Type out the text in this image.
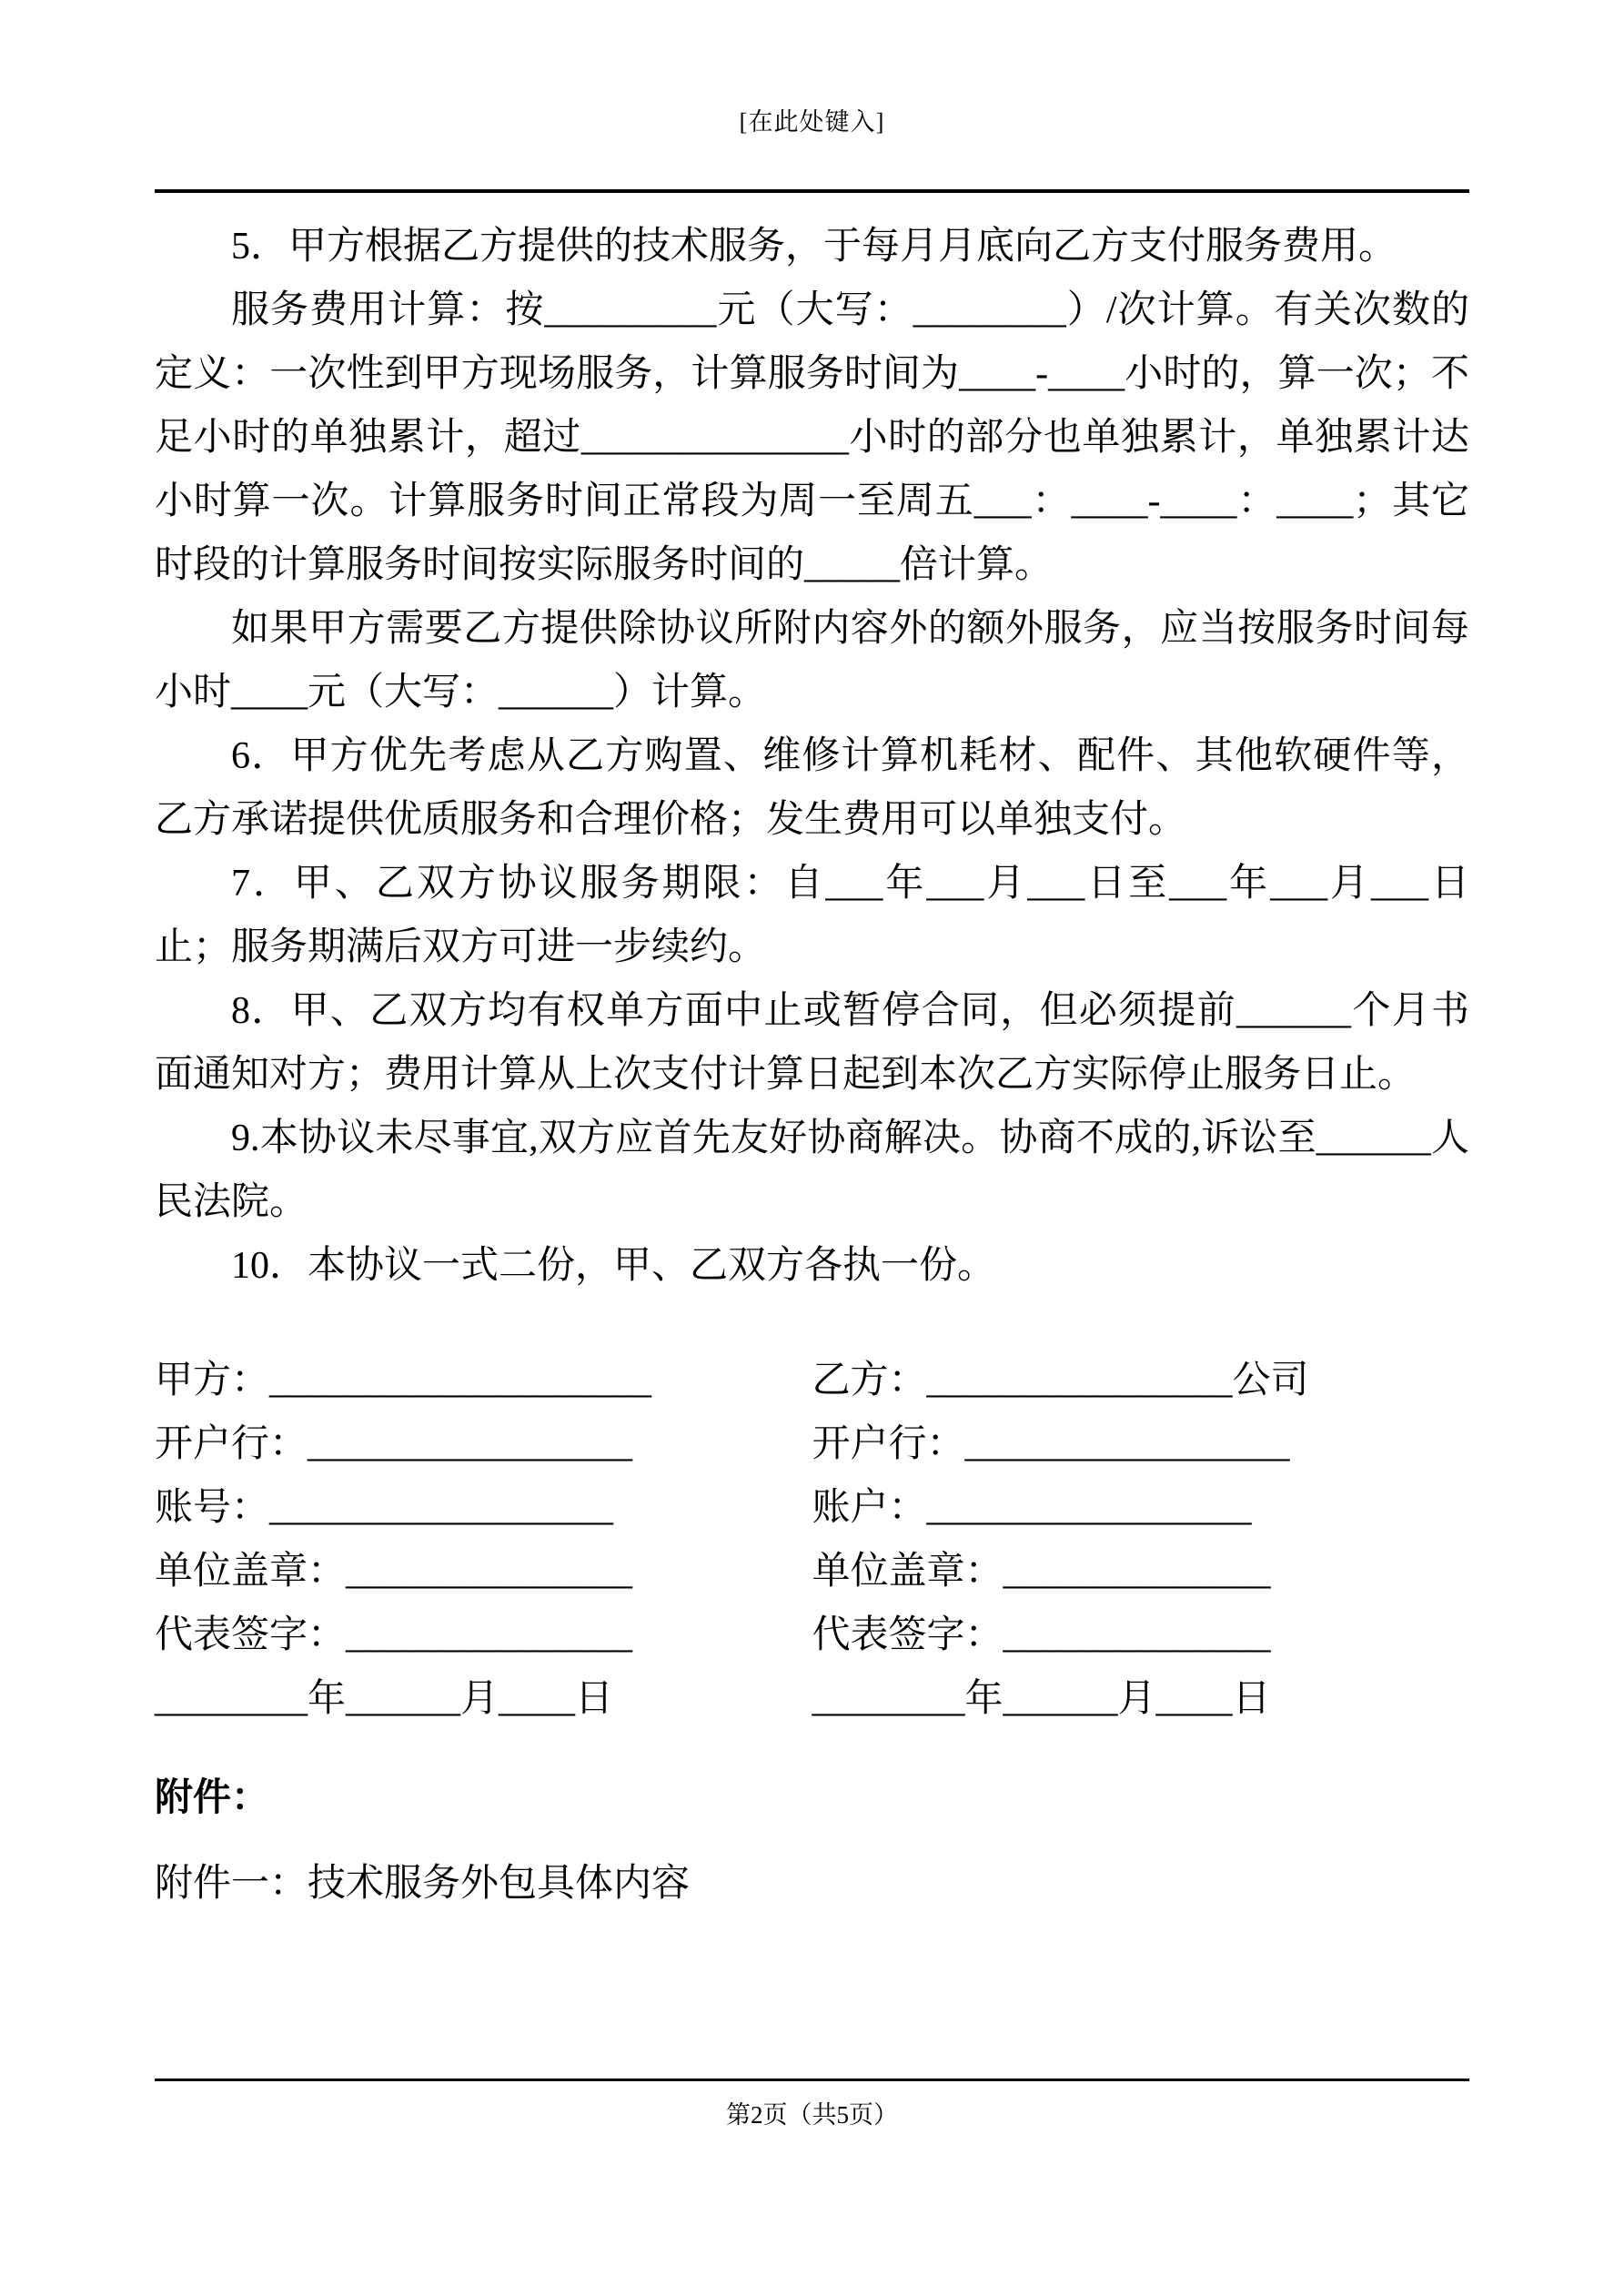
[在此处键入]

5．甲方根据乙方提供的技术服务，于每月月底向乙方支付服务费用。

服务费用计算：按_________元（大写：________）/次计算。有关次数的定义：一次性到甲方现场服务，计算服务时间为____-____小时的，算一次；不足小时的单独累计，超过______________小时的部分也单独累计，单独累计达小时算一次。计算服务时间正常段为周一至周五___：____-____：____；其它时段的计算服务时间按实际服务时间的_____倍计算。

如果甲方需要乙方提供除协议所附内容外的额外服务，应当按服务时间每小时____元（大写：______）计算。

6．甲方优先考虑从乙方购置、维修计算机耗材、配件、其他软硬件等，乙方承诺提供优质服务和合理价格；发生费用可以单独支付。

7．甲、乙双方协议服务期限：自___年___月___日至___年___月___日止；服务期满后双方可进一步续约。

8．甲、乙双方均有权单方面中止或暂停合同，但必须提前______个月书面通知对方；费用计算从上次支付计算日起到本次乙方实际停止服务日止。

9.本协议未尽事宜,双方应首先友好协商解决。协商不成的,诉讼至______人民法院。

10．本协议一式二份，甲、乙双方各执一份。

甲方：____________________

开户行：_________________

账号：__________________

单位盖章：_______________

代表签字：_______________

________年______月____日

乙方：________________公司

开户行：_________________

账户：_________________

单位盖章：______________

代表签字：______________

________年______月____日

附件：
附件一：技术服务外包具体内容
第2页（共5页）
